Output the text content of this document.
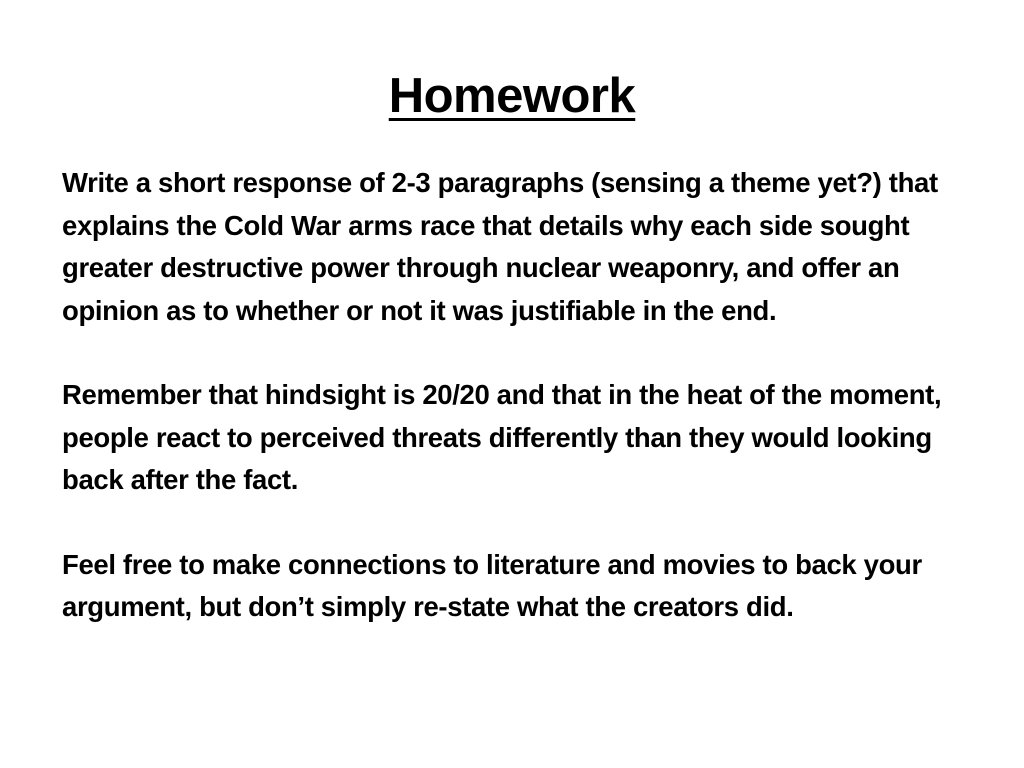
Homework

Write a short response of 2-3 paragraphs (sensing a theme yet?) that explains the Cold War arms race that details why each side sought greater destructive power through nuclear weaponry, and offer an opinion as to whether or not it was justifiable in the end.

Remember that hindsight is 20/20 and that in the heat of the moment, people react to perceived threats differently than they would looking back after the fact.

Feel free to make connections to literature and movies to back your argument, but don’t simply re-state what the creators did.
